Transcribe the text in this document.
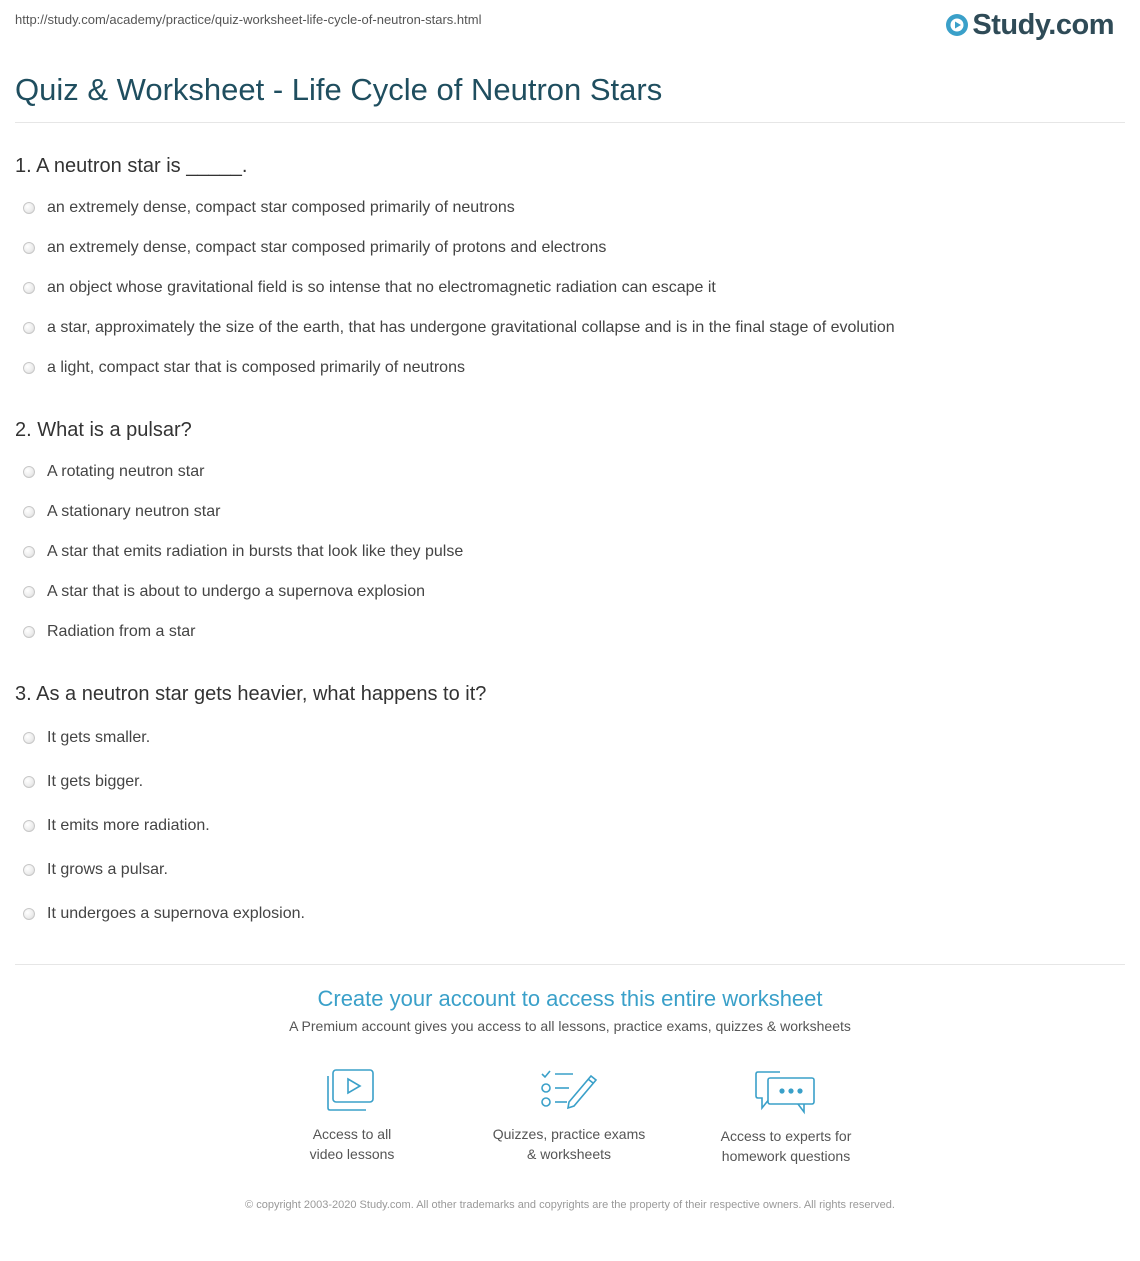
http://study.com/academy/practice/quiz-worksheet-life-cycle-of-neutron-stars.html	Study.com
Quiz & Worksheet - Life Cycle of Neutron Stars
1. A neutron star is _____.
an extremely dense, compact star composed primarily of neutrons
an extremely dense, compact star composed primarily of protons and electrons
an object whose gravitational field is so intense that no electromagnetic radiation can escape it
a star, approximately the size of the earth, that has undergone gravitational collapse and is in the final stage of evolution
a light, compact star that is composed primarily of neutrons
2. What is a pulsar?
A rotating neutron star
A stationary neutron star
A star that emits radiation in bursts that look like they pulse
A star that is about to undergo a supernova explosion
Radiation from a star
3. As a neutron star gets heavier, what happens to it?
It gets smaller.
It gets bigger.
It emits more radiation.
It grows a pulsar.
It undergoes a supernova explosion.
Create your account to access this entire worksheet
A Premium account gives you access to all lessons, practice exams, quizzes & worksheets
Access to all
video lessons
Quizzes, practice exams
& worksheets
Access to experts for
homework questions
© copyright 2003-2020 Study.com. All other trademarks and copyrights are the property of their respective owners. All rights reserved.
